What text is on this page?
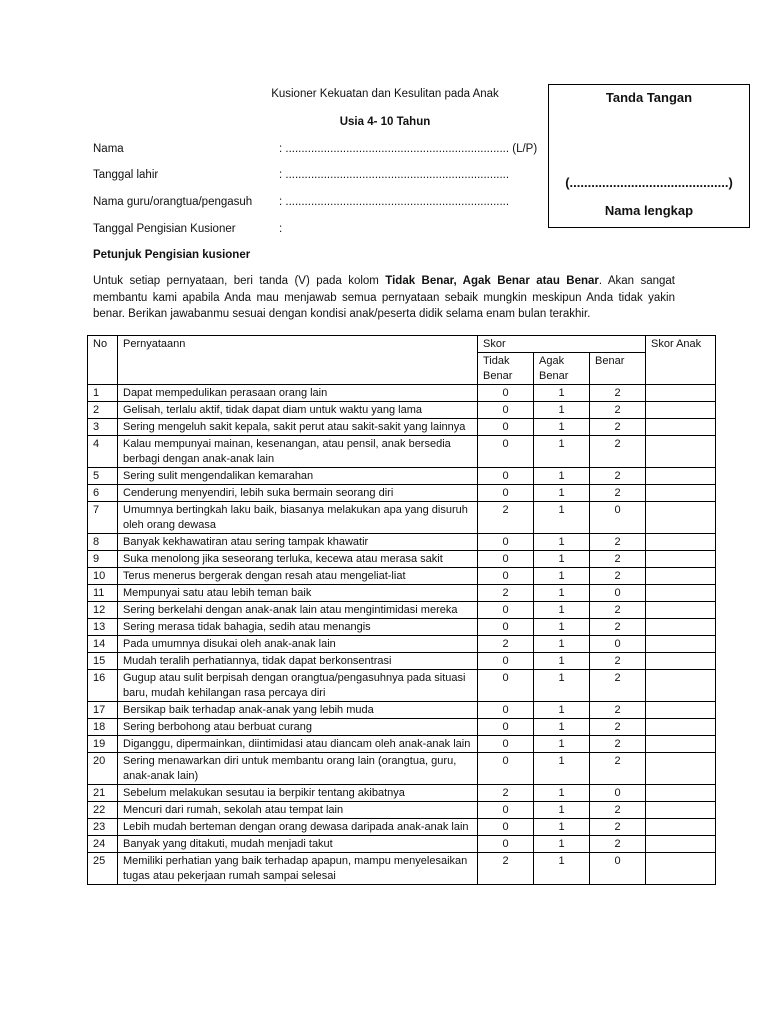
Kusioner Kekuatan dan Kesulitan pada Anak
Usia 4- 10 Tahun
Tanda Tangan
(............................................)
Nama lengkap
Nama	: ...................................................................... (L/P)
Tanggal lahir	: ......................................................................
Nama guru/orangtua/pengasuh : ......................................................................
Tanggal Pengisian Kusioner	:
Petunjuk Pengisian kusioner
Untuk setiap pernyataan, beri tanda (V) pada kolom Tidak Benar, Agak Benar atau Benar. Akan sangat membantu kami apabila Anda mau menjawab semua pernyataan sebaik mungkin meskipun Anda tidak yakin benar. Berikan jawabanmu sesuai dengan kondisi anak/peserta didik selama enam bulan terakhir.
No	Pernyataann	Skor			Skor Anak
		Tidak Benar	Agak Benar	Benar	
1	Dapat mempedulikan perasaan orang lain	0	1	2	
2	Gelisah, terlalu aktif, tidak dapat diam untuk waktu yang lama	0	1	2	
3	Sering mengeluh sakit kepala, sakit perut atau sakit-sakit yang lainnya	0	1	2	
4	Kalau mempunyai mainan, kesenangan, atau pensil, anak bersedia berbagi dengan anak-anak lain	0	1	2	
5	Sering sulit mengendalikan kemarahan	0	1	2	
6	Cenderung menyendiri, lebih suka bermain seorang diri	0	1	2	
7	Umumnya bertingkah laku baik, biasanya melakukan apa yang disuruh oleh orang dewasa	2	1	0	
8	Banyak kekhawatiran atau sering tampak khawatir	0	1	2	
9	Suka menolong jika seseorang terluka, kecewa atau merasa sakit	0	1	2	
10	Terus menerus bergerak dengan resah atau mengeliat-liat	0	1	2	
11	Mempunyai satu atau lebih teman baik	2	1	0	
12	Sering berkelahi dengan anak-anak lain atau mengintimidasi mereka	0	1	2	
13	Sering merasa tidak bahagia, sedih atau menangis	0	1	2	
14	Pada umumnya disukai oleh anak-anak lain	2	1	0	
15	Mudah teralih perhatiannya, tidak dapat berkonsentrasi	0	1	2	
16	Gugup atau sulit berpisah dengan orangtua/pengasuhnya pada situasi baru, mudah kehilangan rasa percaya diri	0	1	2	
17	Bersikap baik terhadap anak-anak yang lebih muda	0	1	2	
18	Sering berbohong atau berbuat curang	0	1	2	
19	Diganggu, dipermainkan, diintimidasi atau diancam oleh anak-anak lain	0	1	2	
20	Sering menawarkan diri untuk membantu orang lain (orangtua, guru, anak-anak lain)	0	1	2	
21	Sebelum melakukan sesutau ia berpikir tentang akibatnya	2	1	0	
22	Mencuri dari rumah, sekolah atau tempat lain	0	1	2	
23	Lebih mudah berteman dengan orang dewasa daripada anak-anak lain	0	1	2	
24	Banyak yang ditakuti, mudah menjadi takut	0	1	2	
25	Memiliki perhatian yang baik terhadap apapun, mampu menyelesaikan tugas atau pekerjaan rumah sampai selesai	2	1	0	
